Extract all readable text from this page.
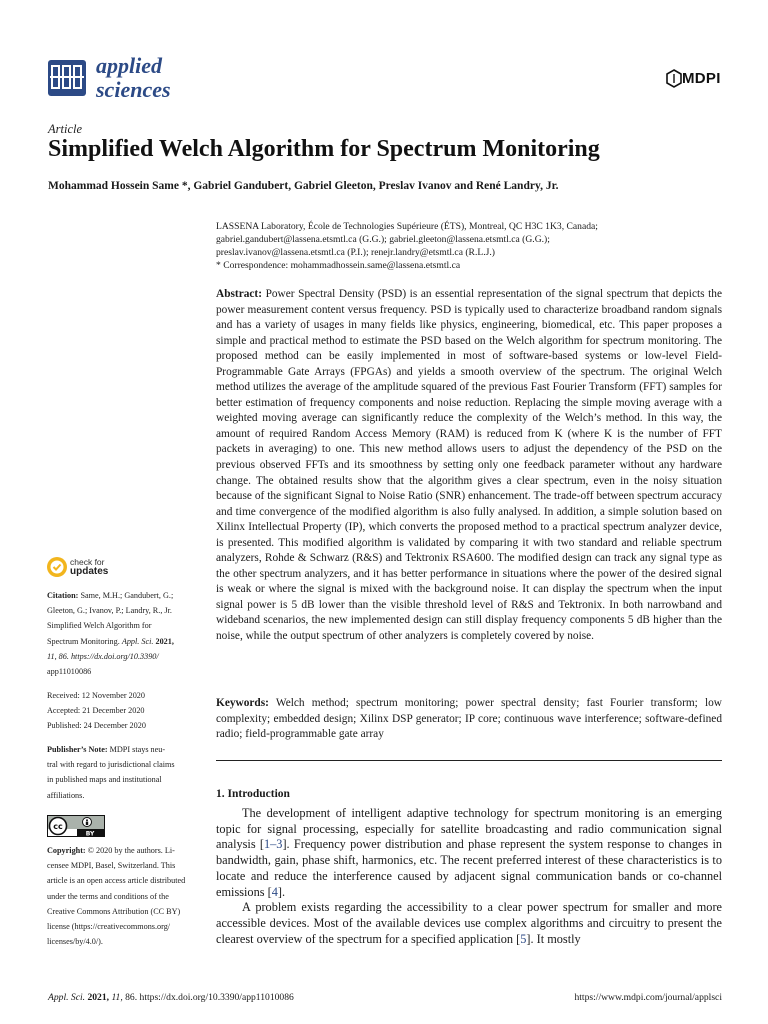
applied
sciences	MDPI
Article
Simplified Welch Algorithm for Spectrum Monitoring
Mohammad Hossein Same *, Gabriel Gandubert, Gabriel Gleeton, Preslav Ivanov and René Landry, Jr.
LASSENA Laboratory, École de Technologies Supérieure (ÉTS), Montreal, QC H3C 1K3, Canada;
gabriel.gandubert@lassena.etsmtl.ca (G.G.); gabriel.gleeton@lassena.etsmtl.ca (G.G.);
preslav.ivanov@lassena.etsmtl.ca (P.I.); renejr.landry@etsmtl.ca (R.L.J.)
* Correspondence: mohammadhossein.same@lassena.etsmtl.ca
Abstract: Power Spectral Density (PSD) is an essential representation of the signal spectrum that depicts the power measurement content versus frequency. PSD is typically used to characterize broadband random signals and has a variety of usages in many fields like physics, engineering, biomedical, etc. This paper proposes a simple and practical method to estimate the PSD based on the Welch algorithm for spectrum monitoring. The proposed method can be easily implemented in most of software-based systems or low-level Field-Programmable Gate Arrays (FPGAs) and yields a smooth overview of the spectrum. The original Welch method utilizes the average of the amplitude squared of the previous Fast Fourier Transform (FFT) samples for better estimation of frequency components and noise reduction. Replacing the simple moving average with a weighted moving average can significantly reduce the complexity of the Welch’s method. In this way, the amount of required Random Access Memory (RAM) is reduced from K (where K is the number of FFT packets in averaging) to one. This new method allows users to adjust the dependency of the PSD on the previous observed FFTs and its smoothness by setting only one feedback parameter without any hardware change. The obtained results show that the algorithm gives a clear spectrum, even in the noisy situation because of the significant Signal to Noise Ratio (SNR) enhancement. The trade-off between spectrum accuracy and time convergence of the modified algorithm is also fully analysed. In addition, a simple solution based on Xilinx Intellectual Property (IP), which converts the proposed method to a practical spectrum analyzer device, is presented. This modified algorithm is validated by comparing it with two standard and reliable spectrum analyzers, Rohde & Schwarz (R&S) and Tektronix RSA600. The modified design can track any signal type as the other spectrum analyzers, and it has better performance in situations where the power of the desired signal is weak or where the signal is mixed with the background noise. It can display the spectrum when the input signal power is 5 dB lower than the visible threshold level of R&S and Tektronix. In both narrowband and wideband scenarios, the new implemented design can still display frequency components 5 dB higher than the noise, while the output spectrum of other analyzers is completely covered by noise.
Keywords: Welch method; spectrum monitoring; power spectral density; fast Fourier transform; low complexity; embedded design; Xilinx DSP generator; IP core; continuous wave interference; software-defined radio; field-programmable gate array
1. Introduction

The development of intelligent adaptive technology for spectrum monitoring is an emerging topic for signal processing, especially for satellite broadcasting and radio communication signal analysis [1–3]. Frequency power distribution and phase represent the system response to changes in bandwidth, gain, phase shift, harmonics, etc. The recent preferred interest of these characteristics is to locate and reduce the interference caused by adjacent signal communication bands or co-channel emissions [4].

A problem exists regarding the accessibility to a clear power spectrum for smaller and more accessible devices. Most of the available devices use complex algorithms and circuitry to present the clearest overview of the spectrum for a specified application [5]. It mostly

check for
updates
Citation: Same, M.H.; Gandubert, G.;
Gleeton, G.; Ivanov, P.; Landry, R., Jr.
Simplified Welch Algorithm for
Spectrum Monitoring. Appl. Sci. 2021,
11, 86. https://dx.doi.org/10.3390/
app11010086
Received: 12 November 2020
Accepted: 21 December 2020
Published: 24 December 2020
Publisher’s Note: MDPI stays neu-
tral with regard to jurisdictional claims
in published maps and institutional
affiliations.
cc
BY
Copyright: © 2020 by the authors. Li-
censee MDPI, Basel, Switzerland. This
article is an open access article distributed
under the terms and conditions of the
Creative Commons Attribution (CC BY)
license (https://creativecommons.org/
licenses/by/4.0/).
Appl. Sci. 2021, 11, 86. https://dx.doi.org/10.3390/app11010086	https://www.mdpi.com/journal/applsci
